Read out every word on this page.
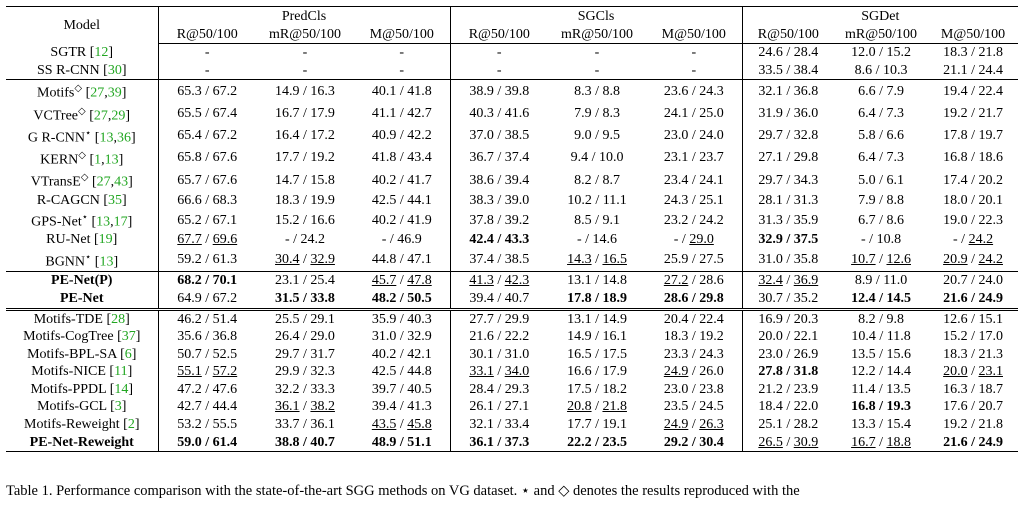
Model	PredCls			SGCls			SGDet		
	R@50/100	mR@50/100	M@50/100	R@50/100	mR@50/100	M@50/100	R@50/100	mR@50/100	M@50/100
SGTR [12]	-	-	-	-	-	-	24.6 / 28.4	12.0 / 15.2	18.3 / 21.8
SS R-CNN [30]	-	-	-	-	-	-	33.5 / 38.4	8.6 / 10.3	21.1 / 24.4
Motifs◇ [27,39]	65.3 / 67.2	14.9 / 16.3	40.1 / 41.8	38.9 / 39.8	8.3 / 8.8	23.6 / 24.3	32.1 / 36.8	6.6 / 7.9	19.4 / 22.4
VCTree◇ [27,29]	65.5 / 67.4	16.7 / 17.9	41.1 / 42.7	40.3 / 41.6	7.9 / 8.3	24.1 / 25.0	31.9 / 36.0	6.4 / 7.3	19.2 / 21.7
G R-CNN⋆ [13,36]	65.4 / 67.2	16.4 / 17.2	40.9 / 42.2	37.0 / 38.5	9.0 / 9.5	23.0 / 24.0	29.7 / 32.8	5.8 / 6.6	17.8 / 19.7
KERN◇ [1,13]	65.8 / 67.6	17.7 / 19.2	41.8 / 43.4	36.7 / 37.4	9.4 / 10.0	23.1 / 23.7	27.1 / 29.8	6.4 / 7.3	16.8 / 18.6
VTransE◇ [27,43]	65.7 / 67.6	14.7 / 15.8	40.2 / 41.7	38.6 / 39.4	8.2 / 8.7	23.4 / 24.1	29.7 / 34.3	5.0 / 6.1	17.4 / 20.2
R-CAGCN [35]	66.6 / 68.3	18.3 / 19.9	42.5 / 44.1	38.3 / 39.0	10.2 / 11.1	24.3 / 25.1	28.1 / 31.3	7.9 / 8.8	18.0 / 20.1
GPS-Net⋆ [13,17]	65.2 / 67.1	15.2 / 16.6	40.2 / 41.9	37.8 / 39.2	8.5 / 9.1	23.2 / 24.2	31.3 / 35.9	6.7 / 8.6	19.0 / 22.3
RU-Net [19]	67.7 / 69.6	- / 24.2	- / 46.9	42.4 / 43.3	- / 14.6	- / 29.0	32.9 / 37.5	- / 10.8	- / 24.2
BGNN⋆ [13]	59.2 / 61.3	30.4 / 32.9	44.8 / 47.1	37.4 / 38.5	14.3 / 16.5	25.9 / 27.5	31.0 / 35.8	10.7 / 12.6	20.9 / 24.2
PE-Net(P)	68.2 / 70.1	23.1 / 25.4	45.7 / 47.8	41.3 / 42.3	13.1 / 14.8	27.2 / 28.6	32.4 / 36.9	8.9 / 11.0	20.7 / 24.0
PE-Net	64.9 / 67.2	31.5 / 33.8	48.2 / 50.5	39.4 / 40.7	17.8 / 18.9	28.6 / 29.8	30.7 / 35.2	12.4 / 14.5	21.6 / 24.9
Motifs-TDE [28]	46.2 / 51.4	25.5 / 29.1	35.9 / 40.3	27.7 / 29.9	13.1 / 14.9	20.4 / 22.4	16.9 / 20.3	8.2 / 9.8	12.6 / 15.1
Motifs-CogTree [37]	35.6 / 36.8	26.4 / 29.0	31.0 / 32.9	21.6 / 22.2	14.9 / 16.1	18.3 / 19.2	20.0 / 22.1	10.4 / 11.8	15.2 / 17.0
Motifs-BPL-SA [6]	50.7 / 52.5	29.7 / 31.7	40.2 / 42.1	30.1 / 31.0	16.5 / 17.5	23.3 / 24.3	23.0 / 26.9	13.5 / 15.6	18.3 / 21.3
Motifs-NICE [11]	55.1 / 57.2	29.9 / 32.3	42.5 / 44.8	33.1 / 34.0	16.6 / 17.9	24.9 / 26.0	27.8 / 31.8	12.2 / 14.4	20.0 / 23.1
Motifs-PPDL [14]	47.2 / 47.6	32.2 / 33.3	39.7 / 40.5	28.4 / 29.3	17.5 / 18.2	23.0 / 23.8	21.2 / 23.9	11.4 / 13.5	16.3 / 18.7
Motifs-GCL [3]	42.7 / 44.4	36.1 / 38.2	39.4 / 41.3	26.1 / 27.1	20.8 / 21.8	23.5 / 24.5	18.4 / 22.0	16.8 / 19.3	17.6 / 20.7
Motifs-Reweight [2]	53.2 / 55.5	33.7 / 36.1	43.5 / 45.8	32.1 / 33.4	17.7 / 19.1	24.9 / 26.3	25.1 / 28.2	13.3 / 15.4	19.2 / 21.8
PE-Net-Reweight	59.0 / 61.4	38.8 / 40.7	48.9 / 51.1	36.1 / 37.3	22.2 / 23.5	29.2 / 30.4	26.5 / 30.9	16.7 / 18.8	21.6 / 24.9
Table 1. Performance comparison with the state-of-the-art SGG methods on VG dataset. ⋆ and ◇ denotes the results reproduced with the
